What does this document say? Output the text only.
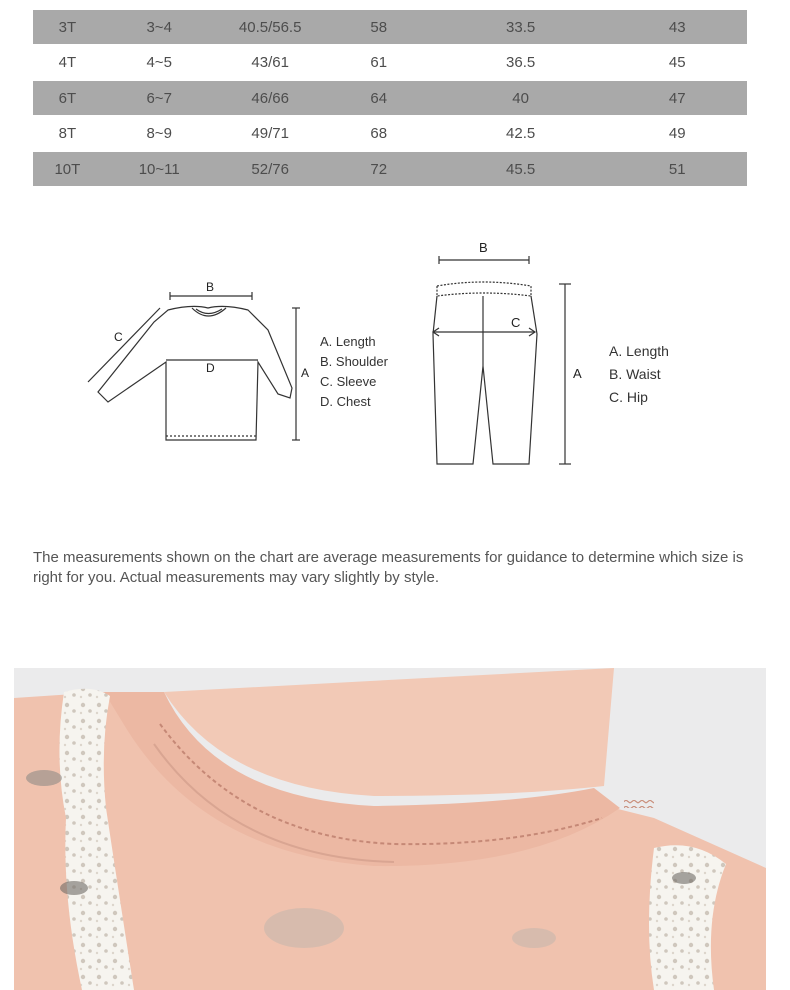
3T	3~4	40.5/56.5	58	33.5	43
4T	4~5	43/61	61	36.5	45
6T	6~7	46/66	64	40	47
8T	8~9	49/71	68	42.5	49
10T	10~11	52/76	72	45.5	51
B
C
D	A
A. Length
B. Shoulder
C. Sleeve
D. Chest
B
C
A
A. Length
B. Waist
C. Hip
The measurements shown on the chart are average measurements for guidance to determine which size is right for you. Actual measurements may vary slightly by style.
